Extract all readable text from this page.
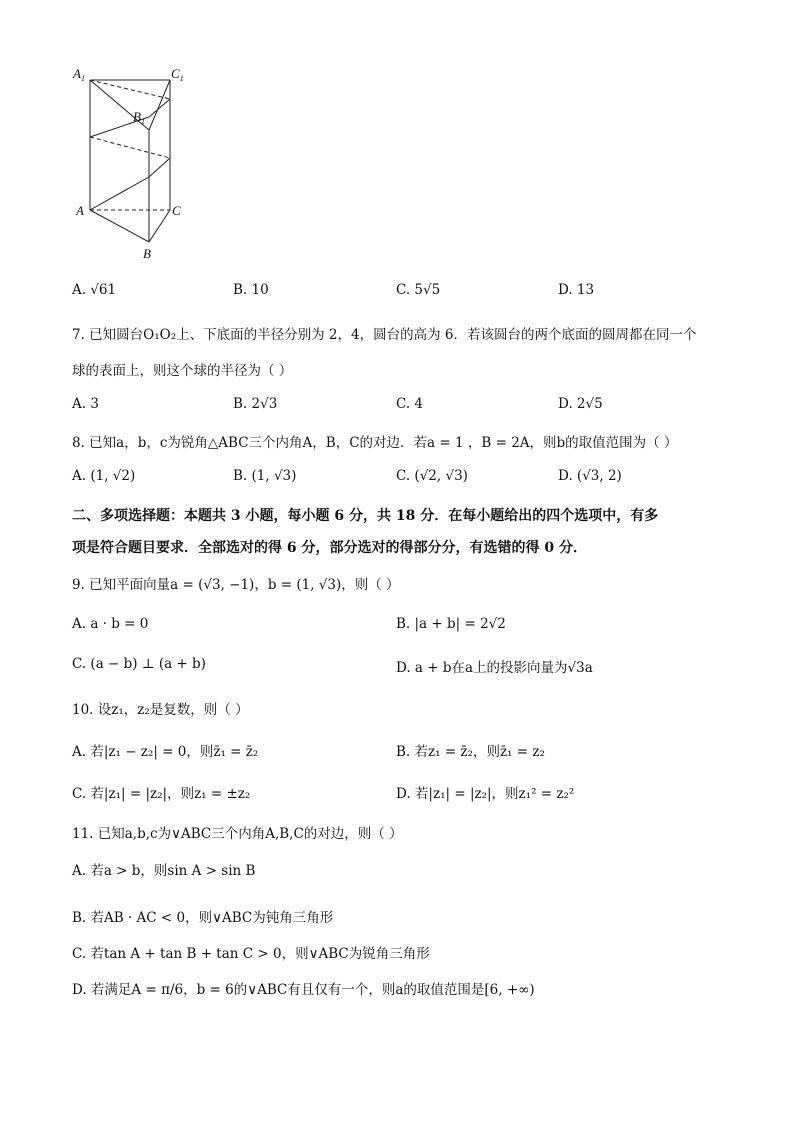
$A_1$	$C_1$
$B_1$
A	C
B
A. √61	B. 10	C. 5√5	D. 13
7. 已知圆台O₁O₂上、下底面的半径分别为 2，4，圆台的高为 6．若该圆台的两个底面的圆周都在同一个
球的表面上，则这个球的半径为（ ）
A. 3	B. 2√3	C. 4	D. 2√5
8. 已知a，b，c为锐角△ABC三个内角A，B，C的对边．若a = 1 ，B = 2A，则b的取值范围为（ ）
A. (1, √2)	B. (1, √3)	C. (√2, √3)	D. (√3, 2)
二、多项选择题：本题共 3 小题，每小题 6 分，共 18 分．在每小题给出的四个选项中，有多
项是符合题目要求．全部选对的得 6 分，部分选对的得部分分，有选错的得 0 分．
9. 已知平面向量a = (√3, −1)，b = (1, √3)，则（ ）
A. a · b = 0	B. |a + b| = 2√2
C. (a − b) ⊥ (a + b)	D. a + b在a上的投影向量为√3a
10. 设z₁，z₂是复数，则（ ）
A. 若|z₁ − z₂| = 0，则z̄₁ = z̄₂	B. 若z₁ = z̄₂，则z̄₁ = z₂
C. 若|z₁| = |z₂|，则z₁ = ±z₂	D. 若|z₁| = |z₂|，则z₁² = z₂²
11. 已知a,b,c为∨ABC三个内角A,B,C的对边，则（ ）
A. 若a > b，则sin A > sin B
B. 若AB · AC < 0，则∨ABC为钝角三角形
C. 若tan A + tan B + tan C > 0，则∨ABC为锐角三角形
D. 若满足A = π/6，b = 6的∨ABC有且仅有一个，则a的取值范围是[6, +∞)
